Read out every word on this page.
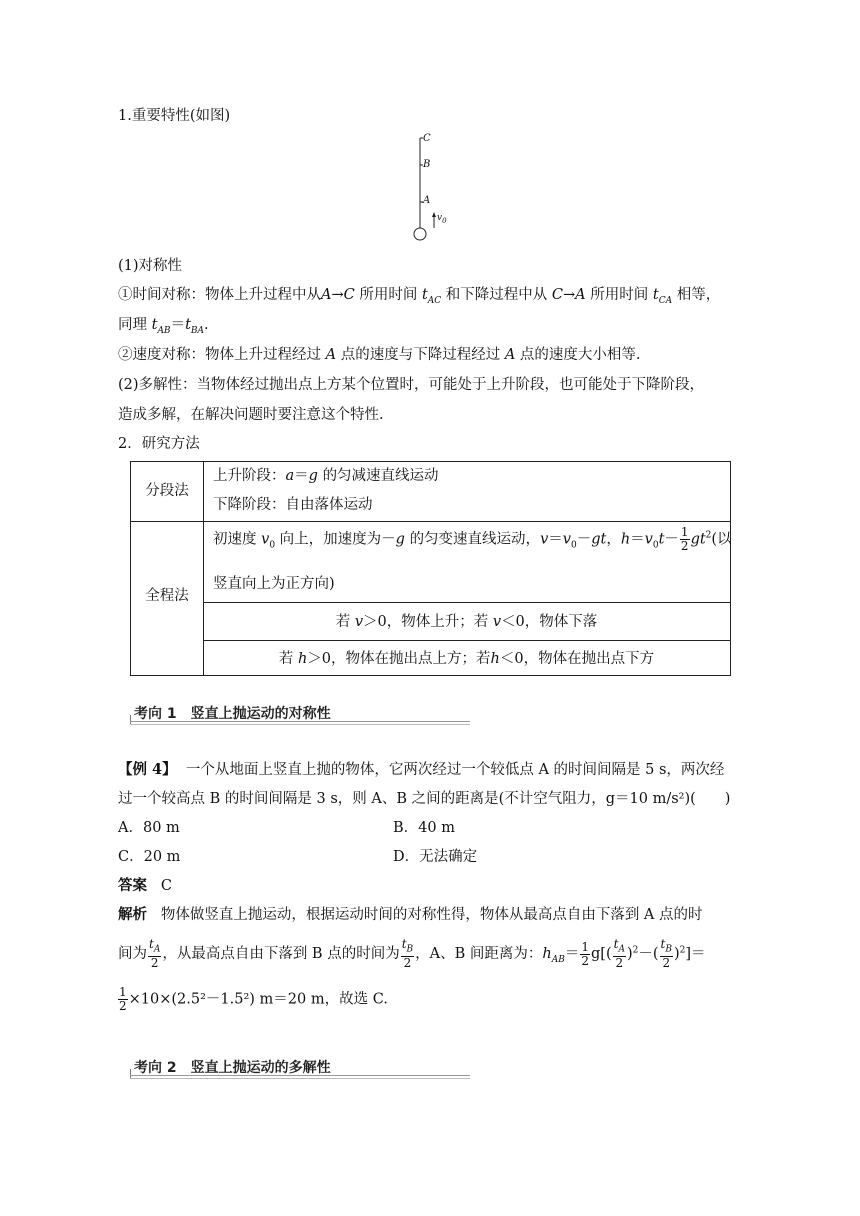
1.重要特性(如图)
C
B
A
$v_0$
(1)对称性
①时间对称：物体上升过程中从A→C 所用时间 $t_{AC}$ 和下降过程中从 C→A 所用时间 $t_{CA}$ 相等，
同理 $t_{AB}=t_{BA}$.
②速度对称：物体上升过程经过 A 点的速度与下降过程经过 A 点的速度大小相等.
(2)多解性：当物体经过抛出点上方某个位置时，可能处于上升阶段，也可能处于下降阶段，
造成多解，在解决问题时要注意这个特性.
2．研究方法
分段法
上升阶段：a＝g 的匀减速直线运动
下降阶段：自由落体运动
全程法
初速度 $v_0$ 向上，加速度为－g 的匀变速直线运动，$v=v_0-gt$，$h=v_0t- \frac{1}{2} gt^2$(以
竖直向上为正方向)
若 v＞0，物体上升；若 v＜0，物体下落
若 h＞0，物体在抛出点上方；若h＜0，物体在抛出点下方
考向 1　竖直上抛运动的对称性
【例 4】 一个从地面上竖直上抛的物体，它两次经过一个较低点 A 的时间间隔是 5 s，两次经
过一个较高点 B 的时间间隔是 3 s，则 A、B 之间的距离是(不计空气阻力，g＝10 m/s²)(　　)
A．80 m	B．40 m
C．20 m	D．无法确定
答案 C
解析 物体做竖直上抛运动，根据运动时间的对称性得，物体从最高点自由下落到 A 点的时
间为 $\frac{t_A}{2}$ ，从最高点自由下落到 B 点的时间为 $\frac{t_B}{2}$ ，A、B 间距离为：$h_{AB}= \frac{1}{2} g[( \frac{t_A}{2} )^2-( \frac{t_B}{2} )^2]=$
$\frac{1}{2} \times 10\times(2.5^2-1.5^2)$ m＝20 m，故选 C.
考向 2　竖直上抛运动的多解性
